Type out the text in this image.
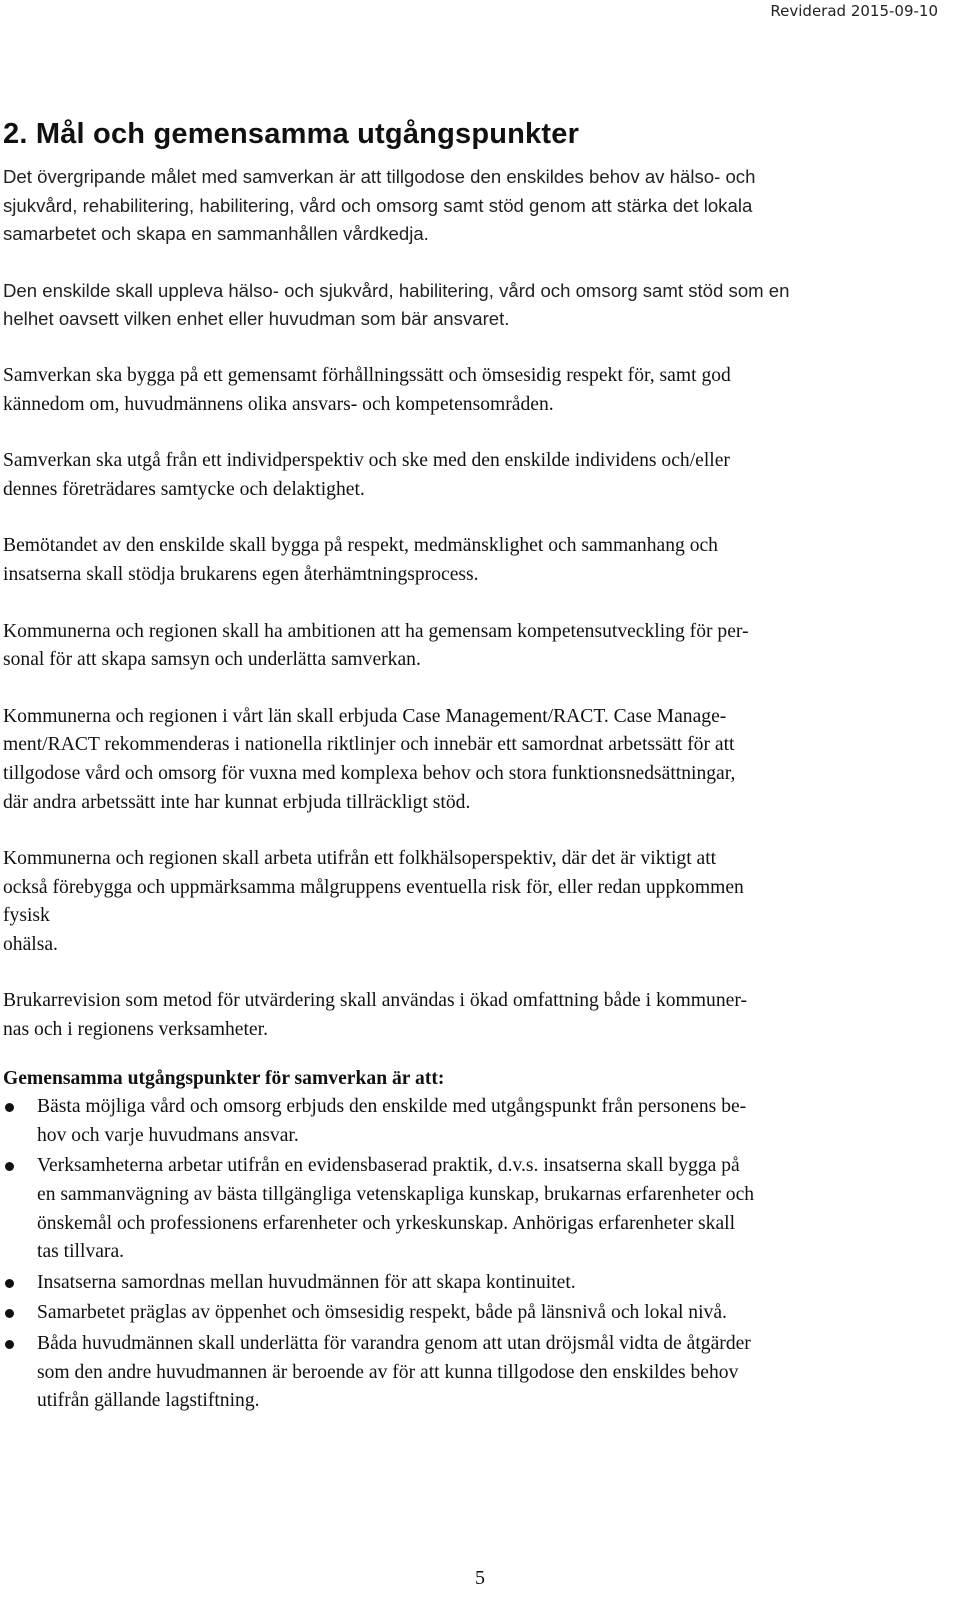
Reviderad 2015-09-10
2. Mål och gemensamma utgångspunkter
Det övergripande målet med samverkan är att tillgodose den enskildes behov av hälso- och
sjukvård, rehabilitering, habilitering, vård och omsorg samt stöd genom att stärka det lokala
samarbetet och skapa en sammanhållen vårdkedja.
Den enskilde skall uppleva hälso- och sjukvård, habilitering, vård och omsorg samt stöd som en
helhet oavsett vilken enhet eller huvudman som bär ansvaret.
Samverkan ska bygga på ett gemensamt förhållningssätt och ömsesidig respekt för, samt god
kännedom om, huvudmännens olika ansvars- och kompetensområden.
Samverkan ska utgå från ett individperspektiv och ske med den enskilde individens och/eller
dennes företrädares samtycke och delaktighet.
Bemötandet av den enskilde skall bygga på respekt, medmänsklighet och sammanhang och
insatserna skall stödja brukarens egen återhämtningsprocess.
Kommunerna och regionen skall ha ambitionen att ha gemensam kompetensutveckling för per-
sonal för att skapa samsyn och underlätta samverkan.
Kommunerna och regionen i vårt län skall erbjuda Case Management/RACT. Case Manage-
ment/RACT rekommenderas i nationella riktlinjer och innebär ett samordnat arbetssätt för att
tillgodose vård och omsorg för vuxna med komplexa behov och stora funktionsnedsättningar,
där andra arbetssätt inte har kunnat erbjuda tillräckligt stöd.
Kommunerna och regionen skall arbeta utifrån ett folkhälsoperspektiv, där det är viktigt att
också förebygga och uppmärksamma målgruppens eventuella risk för, eller redan uppkommen
fysisk
ohälsa.
Brukarrevision som metod för utvärdering skall användas i ökad omfattning både i kommuner-
nas och i regionens verksamheter.
Gemensamma utgångspunkter för samverkan är att:
Bästa möjliga vård och omsorg erbjuds den enskilde med utgångspunkt från personens be-
hov och varje huvudmans ansvar.
Verksamheterna arbetar utifrån en evidensbaserad praktik, d.v.s. insatserna skall bygga på
en sammanvägning av bästa tillgängliga vetenskapliga kunskap, brukarnas erfarenheter och
önskemål och professionens erfarenheter och yrkeskunskap. Anhörigas erfarenheter skall
tas tillvara.
Insatserna samordnas mellan huvudmännen för att skapa kontinuitet.
Samarbetet präglas av öppenhet och ömsesidig respekt, både på länsnivå och lokal nivå.
Båda huvudmännen skall underlätta för varandra genom att utan dröjsmål vidta de åtgärder
som den andre huvudmannen är beroende av för att kunna tillgodose den enskildes behov
utifrån gällande lagstiftning.
5
